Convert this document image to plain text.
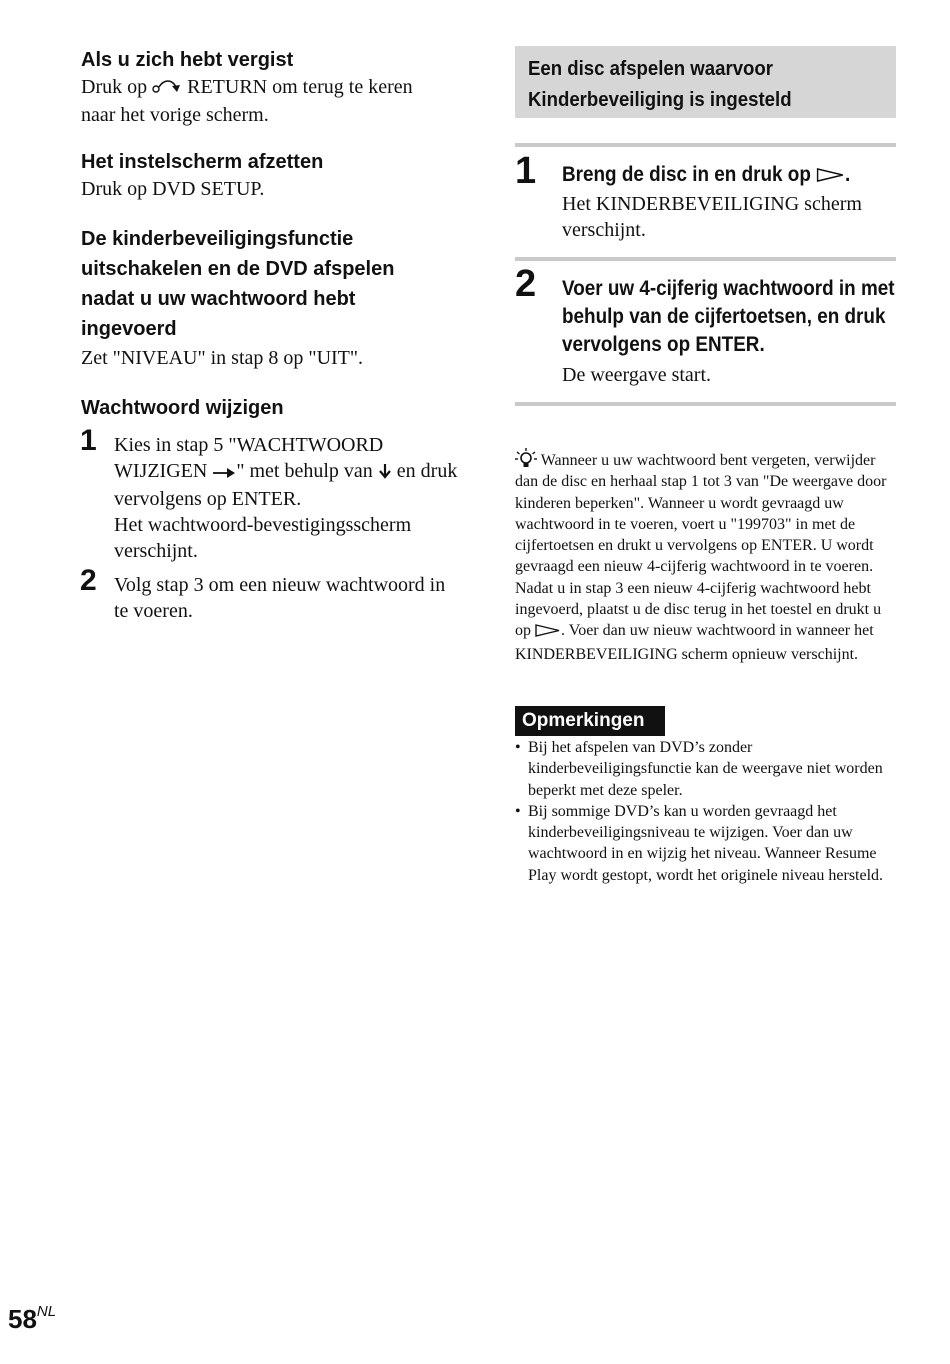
Als u zich hebt vergist
Druk op RETURN om terug te keren naar het vorige scherm.
Het instelscherm afzetten
Druk op DVD SETUP.
De kinderbeveiligingsfunctie uitschakelen en de DVD afspelen nadat u uw wachtwoord hebt ingevoerd
Zet "NIVEAU" in stap 8 op "UIT".
Wachtwoord wijzigen
1 Kies in stap 5 "WACHTWOORD WIJZIGEN " met behulp van en druk vervolgens op ENTER.
Het wachtwoord-bevestigingsscherm verschijnt.
2 Volg stap 3 om een nieuw wachtwoord in te voeren.
Een disc afspelen waarvoor Kinderbeveiliging is ingesteld
1 Breng de disc in en druk op .
Het KINDERBEVEILIGING scherm verschijnt.
2 Voer uw 4-cijferig wachtwoord in met behulp van de cijfertoetsen, en druk vervolgens op ENTER.
De weergave start.
Wanneer u uw wachtwoord bent vergeten, verwijder dan de disc en herhaal stap 1 tot 3 van "De weergave door kinderen beperken". Wanneer u wordt gevraagd uw wachtwoord in te voeren, voert u "199703" in met de cijfertoetsen en drukt u vervolgens op ENTER. U wordt gevraagd een nieuw 4-cijferig wachtwoord in te voeren. Nadat u in stap 3 een nieuw 4-cijferig wachtwoord hebt ingevoerd, plaatst u de disc terug in het toestel en drukt u op . Voer dan uw nieuw wachtwoord in wanneer het KINDERBEVEILIGING scherm opnieuw verschijnt.
Opmerkingen
• Bij het afspelen van DVD’s zonder kinderbeveiligingsfunctie kan de weergave niet worden beperkt met deze speler.
• Bij sommige DVD’s kan u worden gevraagd het kinderbeveiligingsniveau te wijzigen. Voer dan uw wachtwoord in en wijzig het niveau. Wanneer Resume Play wordt gestopt, wordt het originele niveau hersteld.
$58^{NL}$
